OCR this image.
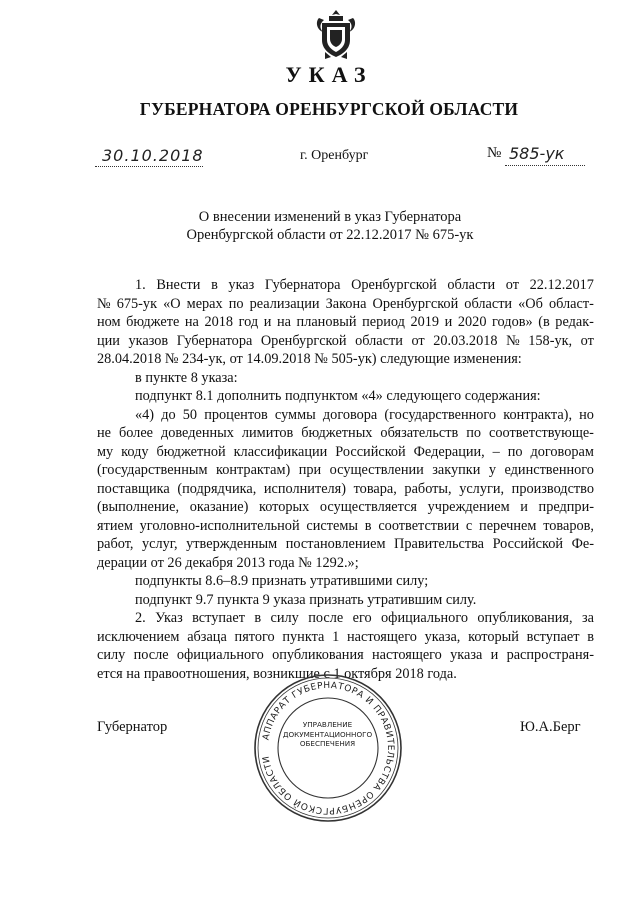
УКАЗ
ГУБЕРНАТОРА ОРЕНБУРГСКОЙ ОБЛАСТИ
30.10.2018	г. Оренбург	№ 585-ук
О внесении изменений в указ Губернатора
Оренбургской области от 22.12.2017 № 675-ук
1. Внести в указ Губернатора Оренбургской области от 22.12.2017
№ 675-ук «О мерах по реализации Закона Оренбургской области «Об област-
ном бюджете на 2018 год и на плановый период 2019 и 2020 годов» (в редак-
ции указов Губернатора Оренбургской области от 20.03.2018 № 158-ук, от
28.04.2018 № 234-ук, от 14.09.2018 № 505-ук) следующие изменения:
в пункте 8 указа:
подпункт 8.1 дополнить подпунктом «4» следующего содержания:
«4) до 50 процентов суммы договора (государственного контракта), но
не более доведенных лимитов бюджетных обязательств по соответствующе-
му коду бюджетной классификации Российской Федерации, – по договорам
(государственным контрактам) при осуществлении закупки у единственного
поставщика (подрядчика, исполнителя) товара, работы, услуги, производство
(выполнение, оказание) которых осуществляется учреждением и предпри-
ятием уголовно-исполнительной системы в соответствии с перечнем товаров,
работ, услуг, утвержденным постановлением Правительства Российской Фе-
дерации от 26 декабря 2013 года № 1292.»;
подпункты 8.6–8.9 признать утратившими силу;
подпункт 9.7 пункта 9 указа признать утратившим силу.
2. Указ вступает в силу после его официального опубликования, за
исключением абзаца пятого пункта 1 настоящего указа, который вступает в
силу после официального опубликования настоящего указа и распространя-
ется на правоотношения, возникшие с 1 октября 2018 года.
Губернатор	Ю.А.Берг
АППАРАТ ГУБЕРНАТОРА И ПРАВИТЕЛЬСТВА ОРЕНБУРГСКОЙ ОБЛАСТИ
УПРАВЛЕНИЕ
ДОКУМЕНТАЦИОННОГО
ОБЕСПЕЧЕНИЯ
